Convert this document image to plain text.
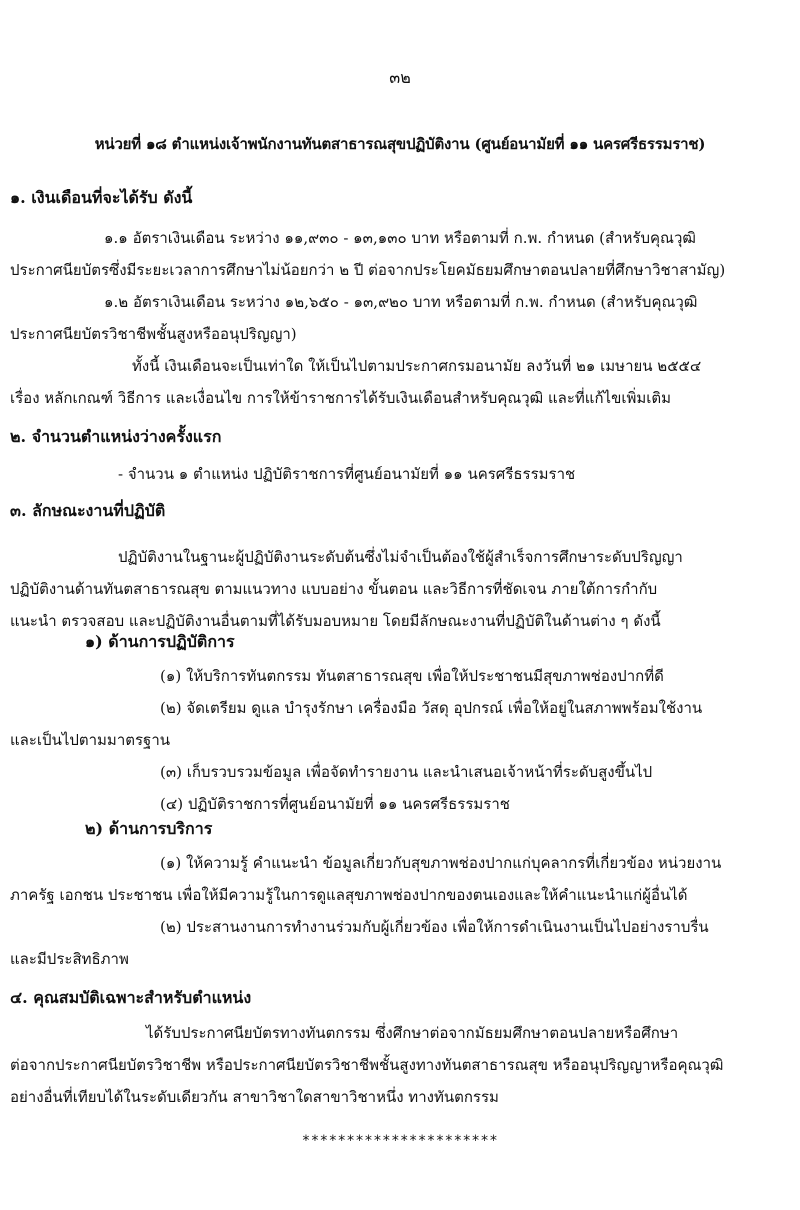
๓๒
หน่วยที่ ๑๘ ตำแหน่งเจ้าพนักงานทันตสาธารณสุขปฏิบัติงาน (ศูนย์อนามัยที่ ๑๑ นครศรีธรรมราช)
๑. เงินเดือนที่จะได้รับ ดังนี้
๑.๑ อัตราเงินเดือน ระหว่าง ๑๑,๙๓๐ - ๑๓,๑๓๐ บาท หรือตามที่ ก.พ. กำหนด (สำหรับคุณวุฒิ
ประกาศนียบัตรซึ่งมีระยะเวลาการศึกษาไม่น้อยกว่า ๒ ปี ต่อจากประโยคมัธยมศึกษาตอนปลายที่ศึกษาวิชาสามัญ)
๑.๒ อัตราเงินเดือน ระหว่าง ๑๒,๖๕๐ - ๑๓,๙๒๐ บาท หรือตามที่ ก.พ. กำหนด (สำหรับคุณวุฒิ
ประกาศนียบัตรวิชาชีพชั้นสูงหรืออนุปริญญา)
ทั้งนี้ เงินเดือนจะเป็นเท่าใด ให้เป็นไปตามประกาศกรมอนามัย ลงวันที่ ๒๑ เมษายน ๒๕๕๔
เรื่อง หลักเกณฑ์ วิธีการ และเงื่อนไข การให้ข้าราชการได้รับเงินเดือนสำหรับคุณวุฒิ และที่แก้ไขเพิ่มเติม
๒. จำนวนตำแหน่งว่างครั้งแรก
- จำนวน ๑ ตำแหน่ง ปฏิบัติราชการที่ศูนย์อนามัยที่ ๑๑ นครศรีธรรมราช
๓. ลักษณะงานที่ปฏิบัติ
ปฏิบัติงานในฐานะผู้ปฏิบัติงานระดับต้นซึ่งไม่จำเป็นต้องใช้ผู้สำเร็จการศึกษาระดับปริญญา
ปฏิบัติงานด้านทันตสาธารณสุข ตามแนวทาง แบบอย่าง ขั้นตอน และวิธีการที่ชัดเจน ภายใต้การกำกับ
แนะนำ ตรวจสอบ และปฏิบัติงานอื่นตามที่ได้รับมอบหมาย โดยมีลักษณะงานที่ปฏิบัติในด้านต่าง ๆ ดังนี้
๑) ด้านการปฏิบัติการ
(๑) ให้บริการทันตกรรม ทันตสาธารณสุข เพื่อให้ประชาชนมีสุขภาพช่องปากที่ดี
(๒) จัดเตรียม ดูแล บำรุงรักษา เครื่องมือ วัสดุ อุปกรณ์ เพื่อให้อยู่ในสภาพพร้อมใช้งาน
และเป็นไปตามมาตรฐาน
(๓) เก็บรวบรวมข้อมูล เพื่อจัดทำรายงาน และนำเสนอเจ้าหน้าที่ระดับสูงขึ้นไป
(๔) ปฏิบัติราชการที่ศูนย์อนามัยที่ ๑๑ นครศรีธรรมราช
๒) ด้านการบริการ
(๑) ให้ความรู้ คำแนะนำ ข้อมูลเกี่ยวกับสุขภาพช่องปากแก่บุคลากรที่เกี่ยวข้อง หน่วยงาน
ภาครัฐ เอกชน ประชาชน เพื่อให้มีความรู้ในการดูแลสุขภาพช่องปากของตนเองและให้คำแนะนำแก่ผู้อื่นได้
(๒) ประสานงานการทำงานร่วมกับผู้เกี่ยวข้อง เพื่อให้การดำเนินงานเป็นไปอย่างราบรื่น
และมีประสิทธิภาพ
๔. คุณสมบัติเฉพาะสำหรับตำแหน่ง
ได้รับประกาศนียบัตรทางทันตกรรม ซึ่งศึกษาต่อจากมัธยมศึกษาตอนปลายหรือศึกษา
ต่อจากประกาศนียบัตรวิชาชีพ หรือประกาศนียบัตรวิชาชีพชั้นสูงทางทันตสาธารณสุข หรืออนุปริญญาหรือคุณวุฒิ
อย่างอื่นที่เทียบได้ในระดับเดียวกัน สาขาวิชาใดสาขาวิชาหนึ่ง ทางทันตกรรม
**********************
